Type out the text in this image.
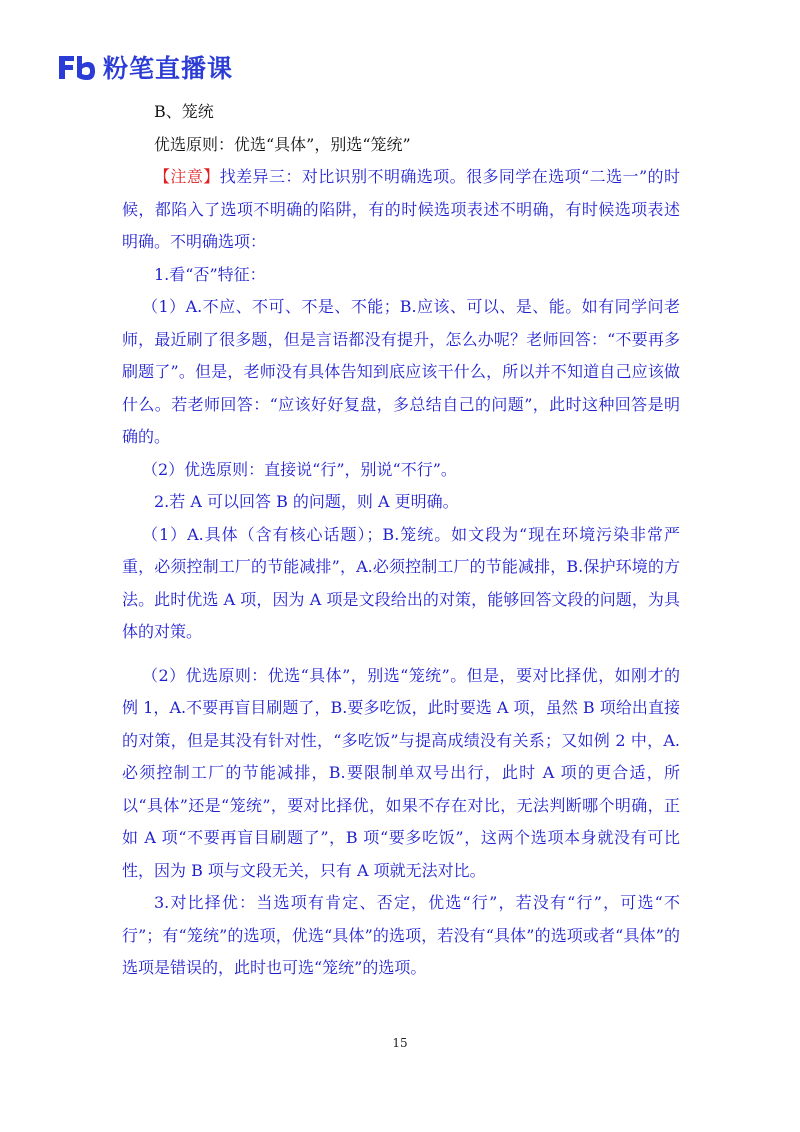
粉笔直播课

B、笼统

优选原则：优选“具体”，别选“笼统”

【注意】找差异三：对比识别不明确选项。很多同学在选项“二选一”的时候，都陷入了选项不明确的陷阱，有的时候选项表述不明确，有时候选项表述明确。不明确选项：

1.看“否”特征：

（1）A.不应、不可、不是、不能；B.应该、可以、是、能。如有同学问老师，最近刷了很多题，但是言语都没有提升，怎么办呢？老师回答：“不要再多刷题了”。但是，老师没有具体告知到底应该干什么，所以并不知道自己应该做什么。若老师回答：“应该好好复盘，多总结自己的问题”，此时这种回答是明确的。

（2）优选原则：直接说“行”，别说“不行”。

2.若 A 可以回答 B 的问题，则 A 更明确。

（1）A.具体（含有核心话题）；B.笼统。如文段为“现在环境污染非常严重，必须控制工厂的节能减排”，A.必须控制工厂的节能减排，B.保护环境的方法。此时优选 A 项，因为 A 项是文段给出的对策，能够回答文段的问题，为具体的对策。

（2）优选原则：优选“具体”，别选“笼统”。但是，要对比择优，如刚才的例 1，A.不要再盲目刷题了，B.要多吃饭，此时要选 A 项，虽然 B 项给出直接的对策，但是其没有针对性，“多吃饭”与提高成绩没有关系；又如例 2 中，A.必须控制工厂的节能减排，B.要限制单双号出行，此时 A 项的更合适，所以“具体”还是“笼统”，要对比择优，如果不存在对比，无法判断哪个明确，正如 A 项“不要再盲目刷题了”，B 项“要多吃饭”，这两个选项本身就没有可比性，因为 B 项与文段无关，只有 A 项就无法对比。

3.对比择优：当选项有肯定、否定，优选“行”，若没有“行”，可选“不行”；有“笼统”的选项，优选“具体”的选项，若没有“具体”的选项或者“具体”的选项是错误的，此时也可选“笼统”的选项。

15
